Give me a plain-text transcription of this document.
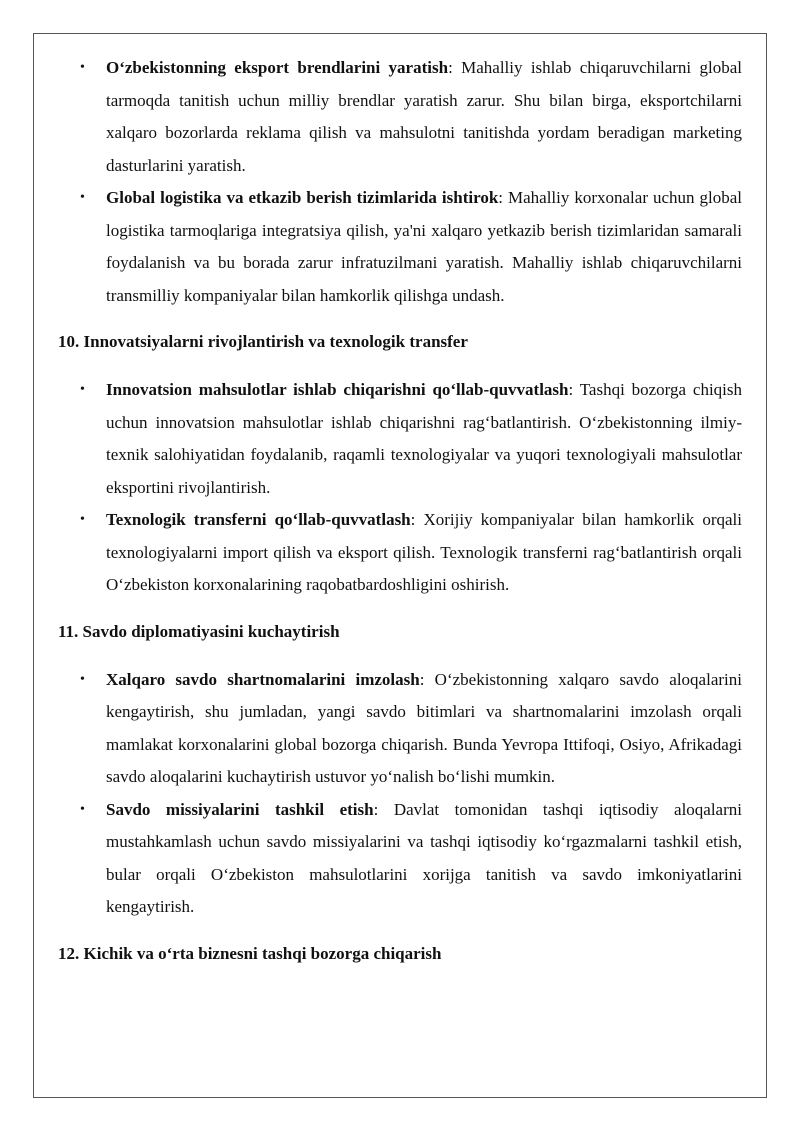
• O‘zbekistonning eksport brendlarini yaratish: Mahalliy ishlab chiqaruvchilarni global tarmoqda tanitish uchun milliy brendlar yaratish zarur. Shu bilan birga, eksportchilarni xalqaro bozorlarda reklama qilish va mahsulotni tanitishda yordam beradigan marketing dasturlarini yaratish.
• Global logistika va etkazib berish tizimlarida ishtirok: Mahalliy korxonalar uchun global logistika tarmoqlariga integratsiya qilish, ya'ni xalqaro yetkazib berish tizimlaridan samarali foydalanish va bu borada zarur infratuzilmani yaratish. Mahalliy ishlab chiqaruvchilarni transmilliy kompaniyalar bilan hamkorlik qilishga undash.
10. Innovatsiyalarni rivojlantirish va texnologik transfer
• Innovatsion mahsulotlar ishlab chiqarishni qo‘llab-quvvatlash: Tashqi bozorga chiqish uchun innovatsion mahsulotlar ishlab chiqarishni rag‘batlantirish. O‘zbekistonning ilmiy-texnik salohiyatidan foydalanib, raqamli texnologiyalar va yuqori texnologiyali mahsulotlar eksportini rivojlantirish.
• Texnologik transferni qo‘llab-quvvatlash: Xorijiy kompaniyalar bilan hamkorlik orqali texnologiyalarni import qilish va eksport qilish. Texnologik transferni rag‘batlantirish orqali O‘zbekiston korxonalarining raqobatbardoshligini oshirish.
11. Savdo diplomatiyasini kuchaytirish
• Xalqaro savdo shartnomalarini imzolash: O‘zbekistonning xalqaro savdo aloqalarini kengaytirish, shu jumladan, yangi savdo bitimlari va shartnomalarini imzolash orqali mamlakat korxonalarini global bozorga chiqarish. Bunda Yevropa Ittifoqi, Osiyo, Afrikadagi savdo aloqalarini kuchaytirish ustuvor yo‘nalish bo‘lishi mumkin.
• Savdo missiyalarini tashkil etish: Davlat tomonidan tashqi iqtisodiy aloqalarni mustahkamlash uchun savdo missiyalarini va tashqi iqtisodiy ko‘rgazmalarni tashkil etish, bular orqali O‘zbekiston mahsulotlarini xorijga tanitish va savdo imkoniyatlarini kengaytirish.
12. Kichik va o‘rta biznesni tashqi bozorga chiqarish
